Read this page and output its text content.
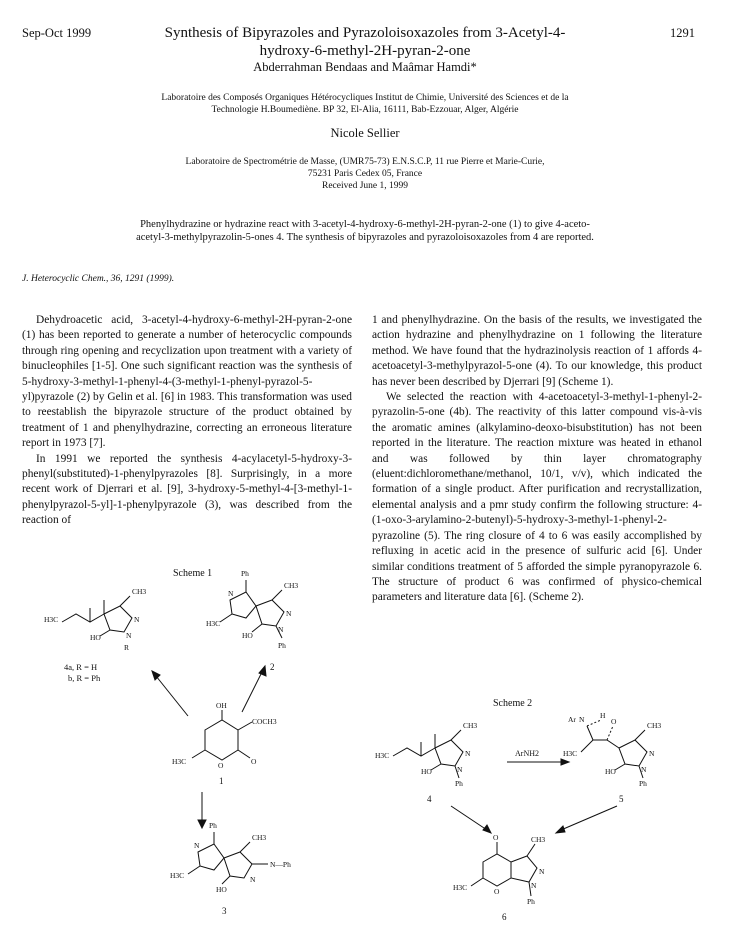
Sep-Oct 1999	1291
Synthesis of Bipyrazoles and Pyrazoloisoxazoles from 3-Acetyl-4-
hydroxy-6-methyl-2H-pyran-2-one
Abderrahman Bendaas and Maâmar Hamdi*
Laboratoire des Composés Organiques Hétérocycliques Institut de Chimie, Université des Sciences et de la
Technologie H.Boumediène. BP 32, El-Alia, 16111, Bab-Ezzouar, Alger, Algérie
Nicole Sellier
Laboratoire de Spectrométrie de Masse, (UMR75-73) E.N.S.C.P, 11 rue Pierre et Marie-Curie,
75231 Paris Cedex 05, France
Received June 1, 1999
Phenylhydrazine or hydrazine react with 3-acetyl-4-hydroxy-6-methyl-2H-pyran-2-one (1) to give 4-aceto-
acetyl-3-methylpyrazolin-5-ones 4. The synthesis of bipyrazoles and pyrazoloisoxazoles from 4 are reported.
J. Heterocyclic Chem., 36, 1291 (1999).

Dehydroacetic acid, 3-acetyl-4-hydroxy-6-methyl-2H-pyran-2-one (1) has been reported to generate a number of heterocyclic compounds through ring opening and recyclization upon treatment with a variety of binucleophiles [1-5]. One such significant reaction was the synthesis of 5-hydroxy-3-methyl-1-phenyl-4-(3-methyl-1-phenyl-pyrazol-5-yl)pyrazole (2) by Gelin et al. [6] in 1983. This transformation was used to reestablish the bipyrazole structure of the product obtained by treatment of 1 and phenylhydrazine, correcting an erroneous literature report in 1973 [7].

In 1991 we reported the synthesis 4-acylacetyl-5-hydroxy-3-phenyl(substituted)-1-phenylpyrazoles [8]. Surprisingly, in a more recent work of Djerrari et al. [9], 3-hydroxy-5-methyl-4-[3-methyl-1-phenylpyrazol-5-yl]-1-phenylpyrazole (3), was described from the reaction of

1 and phenylhydrazine. On the basis of the results, we investigated the action hydrazine and phenylhydrazine on 1 following the literature method. We have found that the hydrazinolysis reaction of 1 affords 4-acetoacetyl-3-methylpyrazol-5-one (4). To our knowledge, this product has never been described by Djerrari [9] (Scheme 1).

We selected the reaction with 4-acetoacetyl-3-methyl-1-phenyl-2-pyrazolin-5-one (4b). The reactivity of this latter compound vis-à-vis the aromatic amines (alkylamino-deoxo-bisubstitution) has not been reported in the literature. The reaction mixture was heated in ethanol and was followed by thin layer chromatography (eluent:dichloromethane/methanol, 10/1, v/v), which indicated the formation of a single product. After purification and recrystallization, elemental analysis and a pmr study confirm the following structure: 4-(1-oxo-3-arylamino-2-butenyl)-5-hydroxy-3-methyl-1-phenyl-2-pyrazoline (5). The ring closure of 4 to 6 was easily accomplished by refluxing in acetic acid in the presence of sulfuric acid [6]. Under similar conditions treatment of 5 afforded the simple pyranopyrazole 6. The structure of product 6 was confirmed of physico-chemical parameters and literature data [6]. (Scheme 2).

Scheme 1
H3C
CH3
N
N
HO
R
4a, R = H
b, R = Ph
Ph
N
H3C
CH3
N
N
HO
Ph
2
OH
COCH3
H3C	O	O
1
Ph
N
H3C
CH3
N
N—Ph
HO
3
Scheme 2
H3C
CH3
N
N
HO
Ph
4
ArNH2
Ar N H
O
H3C
CH3
N
N
HO
Ph
5
O	CH3
H3C	O
N
N
Ph
6
